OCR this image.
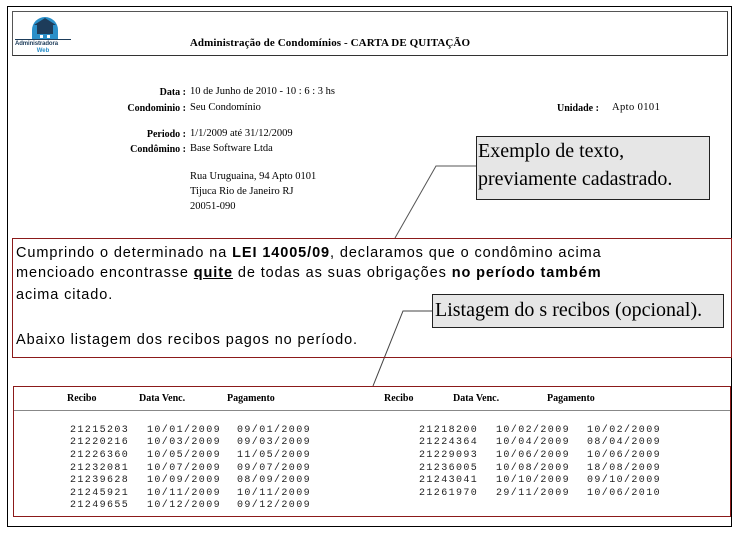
Administradora
Web
Administração de Condomínios - CARTA DE QUITAÇÃO
Data : 10 de Junho de 2010 - 10 : 6 : 3 hs
Condominio : Seu Condomínio	Unidade : Apto 0101
Periodo : 1/1/2009 até 31/12/2009
Condômino : Base Software Ltda
Rua Uruguaina, 94 Apto 0101
Tijuca Rio de Janeiro RJ
20051-090

Cumprindo o determinado na LEI 14005/09, declaramos que o condômino acima

mencioado encontrasse quite de todas as suas obrigações no período também

acima citado.

Abaixo listagem dos recibos pagos no período.

Exemplo de texto,
previamente cadastrado.
Recibo	Data Venc.	Pagamento	Recibo	Data Venc.	Pagamento
21215203 10/01/2009 09/01/2009
21220216 10/03/2009 09/03/2009
21226360 10/05/2009 11/05/2009
21232081 10/07/2009 09/07/2009
21239628 10/09/2009 08/09/2009
21245921 10/11/2009 10/11/2009
21249655 10/12/2009 09/12/2009
21218200 10/02/2009 10/02/2009
21224364 10/04/2009 08/04/2009
21229093 10/06/2009 10/06/2009
21236005 10/08/2009 18/08/2009
21243041 10/10/2009 09/10/2009
21261970 29/11/2009 10/06/2010
Listagem do s recibos (opcional).
